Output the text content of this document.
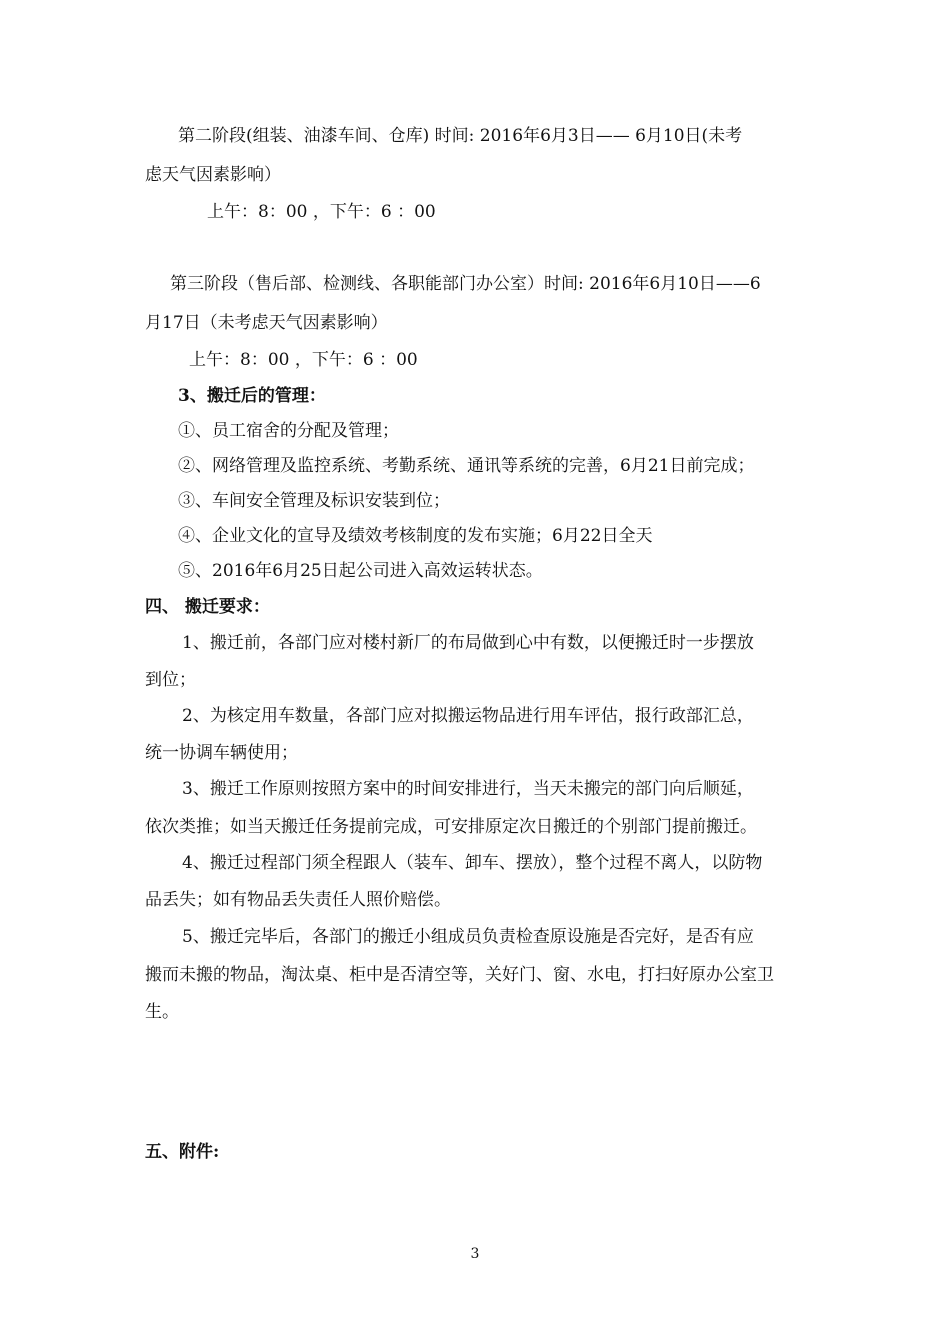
第二阶段(组装、油漆车间、仓库) 时间: 2016年6月3日—— 6月10日(未考
虑天气因素影响）
上午：8：00 ，下午：6 ：00
第三阶段（售后部、检测线、各职能部门办公室）时间: 2016年6月10日——6
月17日（未考虑天气因素影响）
上午：8：00 ，下午：6 ：00
3、搬迁后的管理：
①、员工宿舍的分配及管理；
②、网络管理及监控系统、考勤系统、通讯等系统的完善，6月21日前完成；
③、车间安全管理及标识安装到位；
④、企业文化的宣导及绩效考核制度的发布实施；6月22日全天
⑤、2016年6月25日起公司进入高效运转状态。
四、 搬迁要求：
1、搬迁前，各部门应对楼村新厂的布局做到心中有数，以便搬迁时一步摆放
到位；
2、为核定用车数量，各部门应对拟搬运物品进行用车评估，报行政部汇总，
统一协调车辆使用；
3、搬迁工作原则按照方案中的时间安排进行，当天未搬完的部门向后顺延，
依次类推；如当天搬迁任务提前完成，可安排原定次日搬迁的个别部门提前搬迁。
4、搬迁过程部门须全程跟人（装车、卸车、摆放），整个过程不离人，以防物
品丢失；如有物品丢失责任人照价赔偿。
5、搬迁完毕后，各部门的搬迁小组成员负责检查原设施是否完好，是否有应
搬而未搬的物品，淘汰桌、柜中是否清空等，关好门、窗、水电，打扫好原办公室卫
生。
五、附件:
3
